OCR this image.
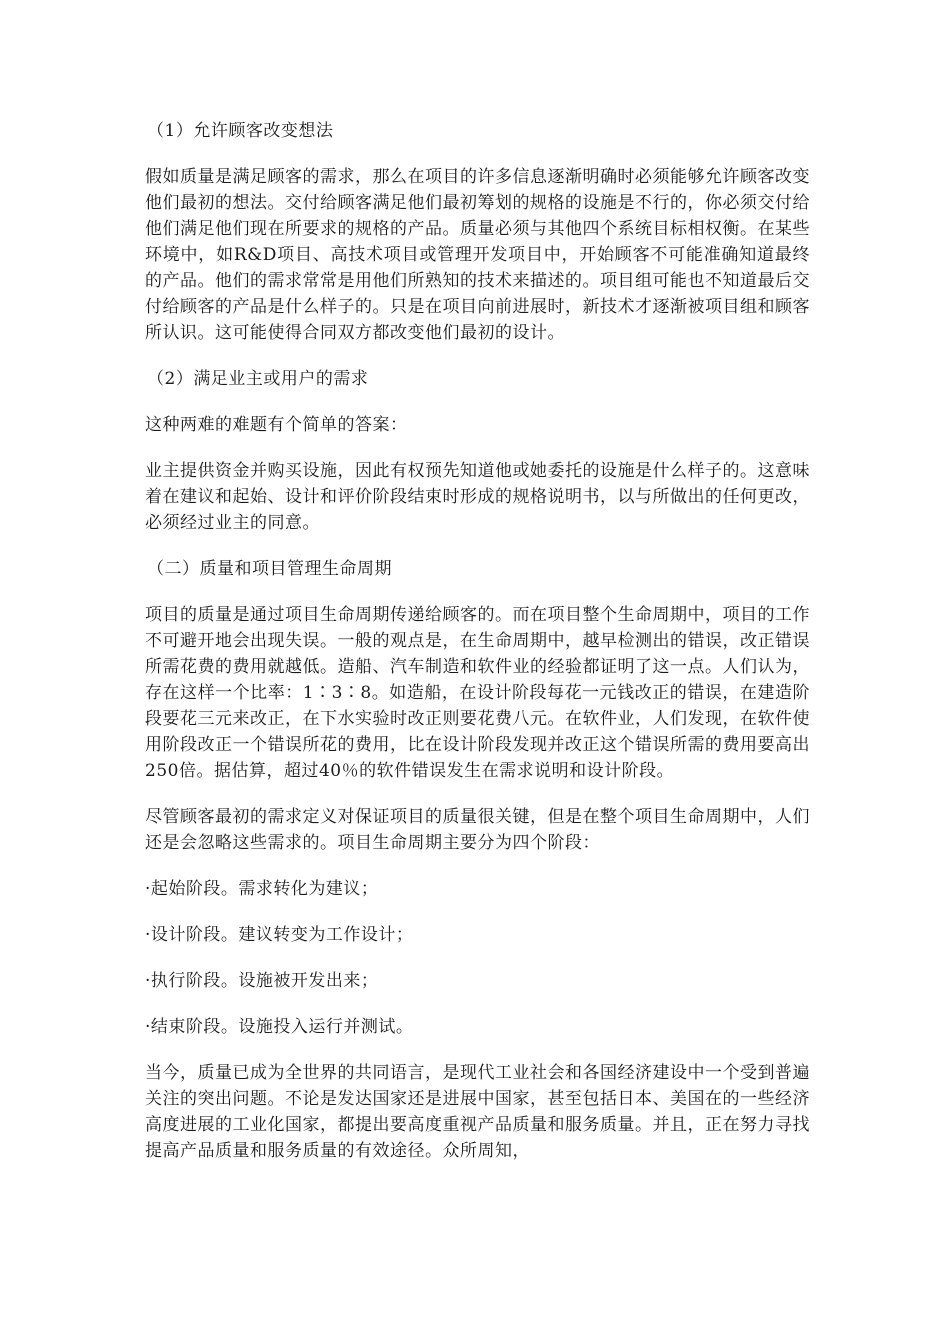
（1）允许顾客改变想法

假如质量是满足顾客的需求，那么在项目的许多信息逐渐明确时必须能够允许顾客改变他们最初的想法。交付给顾客满足他们最初筹划的规格的设施是不行的，你必须交付给他们满足他们现在所要求的规格的产品。质量必须与其他四个系统目标相权衡。在某些环境中，如R&D项目、高技术项目或管理开发项目中，开始顾客不可能准确知道最终的产品。他们的需求常常是用他们所熟知的技术来描述的。项目组可能也不知道最后交付给顾客的产品是什么样子的。只是在项目向前进展时，新技术才逐渐被项目组和顾客所认识。这可能使得合同双方都改变他们最初的设计。

（2）满足业主或用户的需求

这种两难的难题有个简单的答案：

业主提供资金并购买设施，因此有权预先知道他或她委托的设施是什么样子的。这意味着在建议和起始、设计和评价阶段结束时形成的规格说明书，以与所做出的任何更改，必须经过业主的同意。

（二）质量和项目管理生命周期

项目的质量是通过项目生命周期传递给顾客的。而在项目整个生命周期中，项目的工作不可避开地会出现失误。一般的观点是，在生命周期中，越早检测出的错误，改正错误所需花费的费用就越低。造船、汽车制造和软件业的经验都证明了这一点。人们认为，存在这样一个比率：1∶3∶8。如造船，在设计阶段每花一元钱改正的错误，在建造阶段要花三元来改正，在下水实验时改正则要花费八元。在软件业，人们发现，在软件使用阶段改正一个错误所花的费用，比在设计阶段发现并改正这个错误所需的费用要高出250倍。据估算，超过40％的软件错误发生在需求说明和设计阶段。

尽管顾客最初的需求定义对保证项目的质量很关键，但是在整个项目生命周期中，人们还是会忽略这些需求的。项目生命周期主要分为四个阶段：

·起始阶段。需求转化为建议；
·设计阶段。建议转变为工作设计；
·执行阶段。设施被开发出来；
·结束阶段。设施投入运行并测试。

当今，质量已成为全世界的共同语言，是现代工业社会和各国经济建设中一个受到普遍关注的突出问题。不论是发达国家还是进展中国家，甚至包括日本、美国在的一些经济高度进展的工业化国家，都提出要高度重视产品质量和服务质量。并且，正在努力寻找提高产品质量和服务质量的有效途径。众所周知，
